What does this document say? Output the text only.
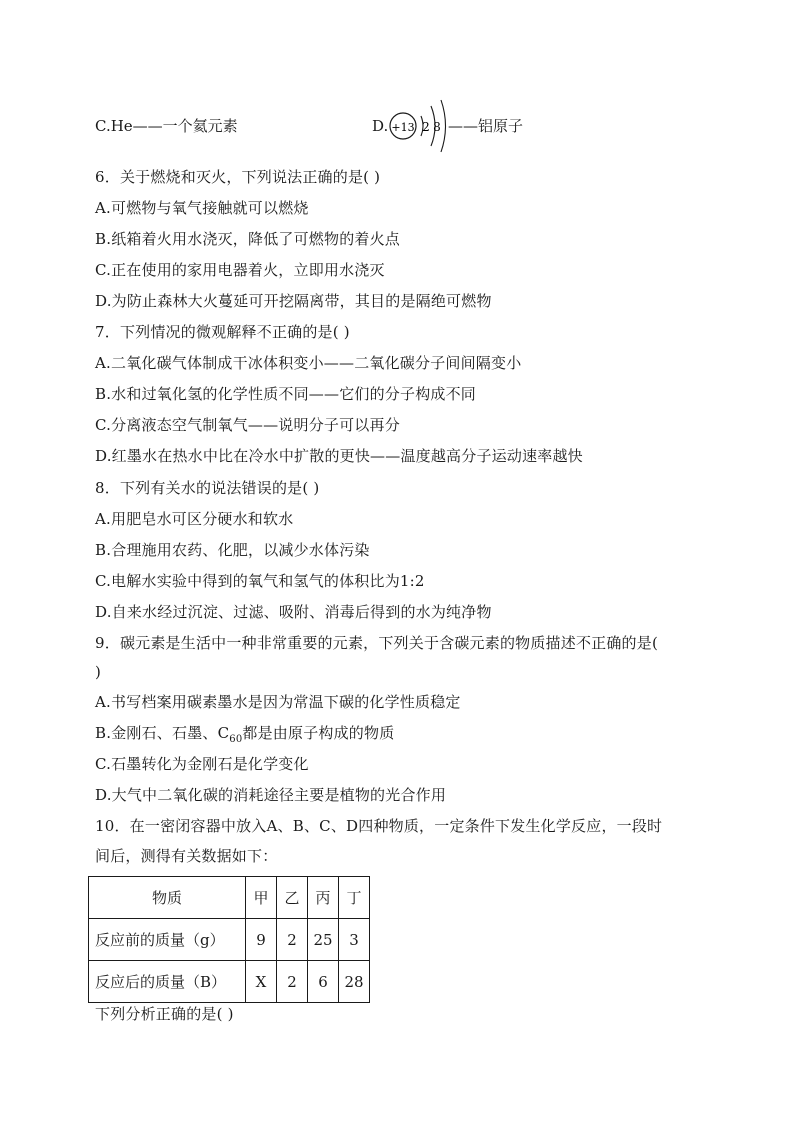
C.He——一个氦元素	D. +13 2 8 ——铝原子
6．关于燃烧和灭火，下列说法正确的是( )
A.可燃物与氧气接触就可以燃烧
B.纸箱着火用水浇灭，降低了可燃物的着火点
C.正在使用的家用电器着火，立即用水浇灭
D.为防止森林大火蔓延可开挖隔离带，其目的是隔绝可燃物
7．下列情况的微观解释不正确的是( )
A.二氧化碳气体制成干冰体积变小——二氧化碳分子间间隔变小
B.水和过氧化氢的化学性质不同——它们的分子构成不同
C.分离液态空气制氧气——说明分子可以再分
D.红墨水在热水中比在冷水中扩散的更快——温度越高分子运动速率越快
8．下列有关水的说法错误的是( )
A.用肥皂水可区分硬水和软水
B.合理施用农药、化肥，以减少水体污染
C.电解水实验中得到的氧气和氢气的体积比为1:2
D.自来水经过沉淀、过滤、吸附、消毒后得到的水为纯净物
9．碳元素是生活中一种非常重要的元素，下列关于含碳元素的物质描述不正确的是(
)
A.书写档案用碳素墨水是因为常温下碳的化学性质稳定
B.金刚石、石墨、$C_{60}$都是由原子构成的物质
C.石墨转化为金刚石是化学变化
D.大气中二氧化碳的消耗途径主要是植物的光合作用
10．在一密闭容器中放入A、B、C、D四种物质，一定条件下发生化学反应，一段时
间后，测得有关数据如下：
物质	甲	乙	丙	丁
反应前的质量（g）	9	2	25	3
反应后的质量（B）	X	2	6	28
下列分析正确的是( )
